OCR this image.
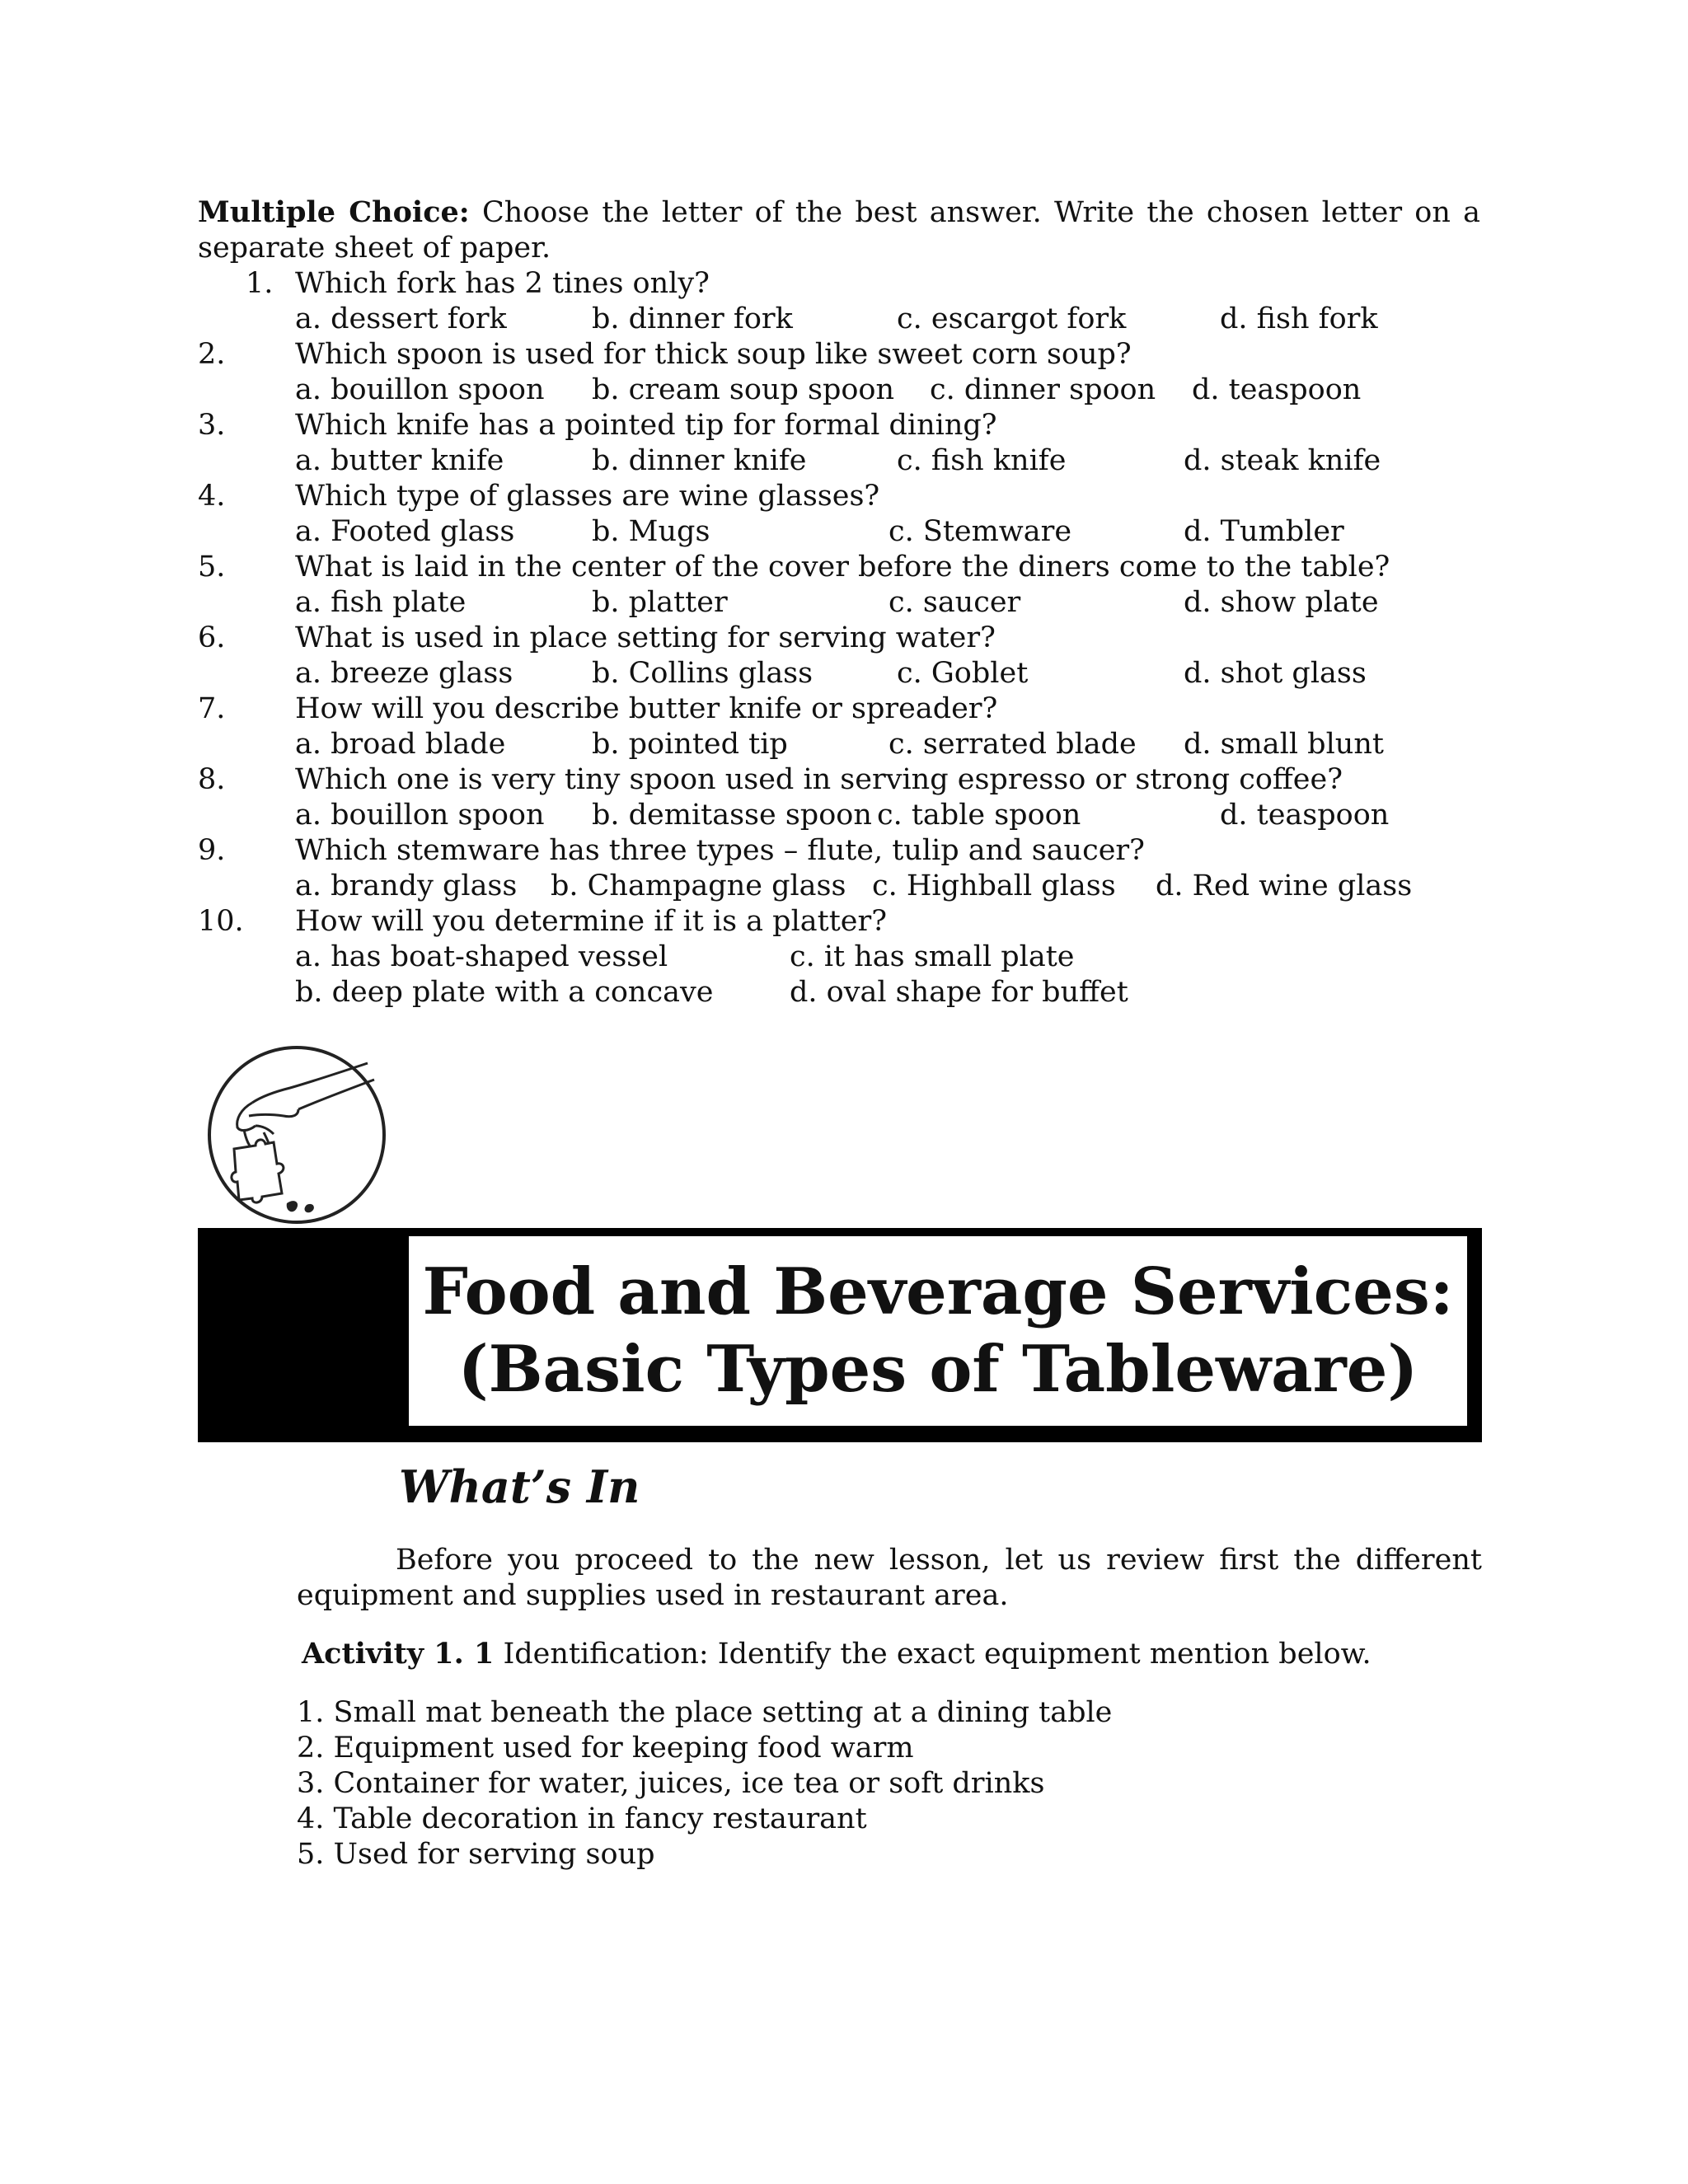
Multiple Choice: Choose the letter of the best answer. Write the chosen letter on a separate sheet of paper.
1. Which fork has 2 tines only?
a. dessert fork	b. dinner fork	c. escargot fork	d. fish fork
2. Which spoon is used for thick soup like sweet corn soup?
a. bouillon spoon b. cream soup spoon c. dinner spoon d. teaspoon
3. Which knife has a pointed tip for formal dining?
a. butter knife	b. dinner knife	c. fish knife	d. steak knife
4. Which type of glasses are wine glasses?
a. Footed glass	b. Mugs	c. Stemware	d. Tumbler
5. What is laid in the center of the cover before the diners come to the table?
a. fish plate	b. platter	c. saucer	d. show plate
6. What is used in place setting for serving water?
a. breeze glass	b. Collins glass	c. Goblet	d. shot glass
7. How will you describe butter knife or spreader?
a. broad blade	b. pointed tip	c. serrated blade d. small blunt
8. Which one is very tiny spoon used in serving espresso or strong coffee?
a. bouillon spoon b. demitasse spoon c. table spoon	d. teaspoon
9. Which stemware has three types – flute, tulip and saucer?
a. brandy glass b. Champagne glass c. Highball glass d. Red wine glass
10. How will you determine if it is a platter?
a. has boat-shaped vessel	c. it has small plate
b. deep plate with a concave	d. oval shape for buffet
Food and Beverage Services:
(Basic Types of Tableware)
What’s In
Before you proceed to the new lesson, let us review first the different equipment and supplies used in restaurant area.
Activity 1. 1 Identification: Identify the exact equipment mention below.
1. Small mat beneath the place setting at a dining table
2. Equipment used for keeping food warm
3. Container for water, juices, ice tea or soft drinks
4. Table decoration in fancy restaurant
5. Used for serving soup
